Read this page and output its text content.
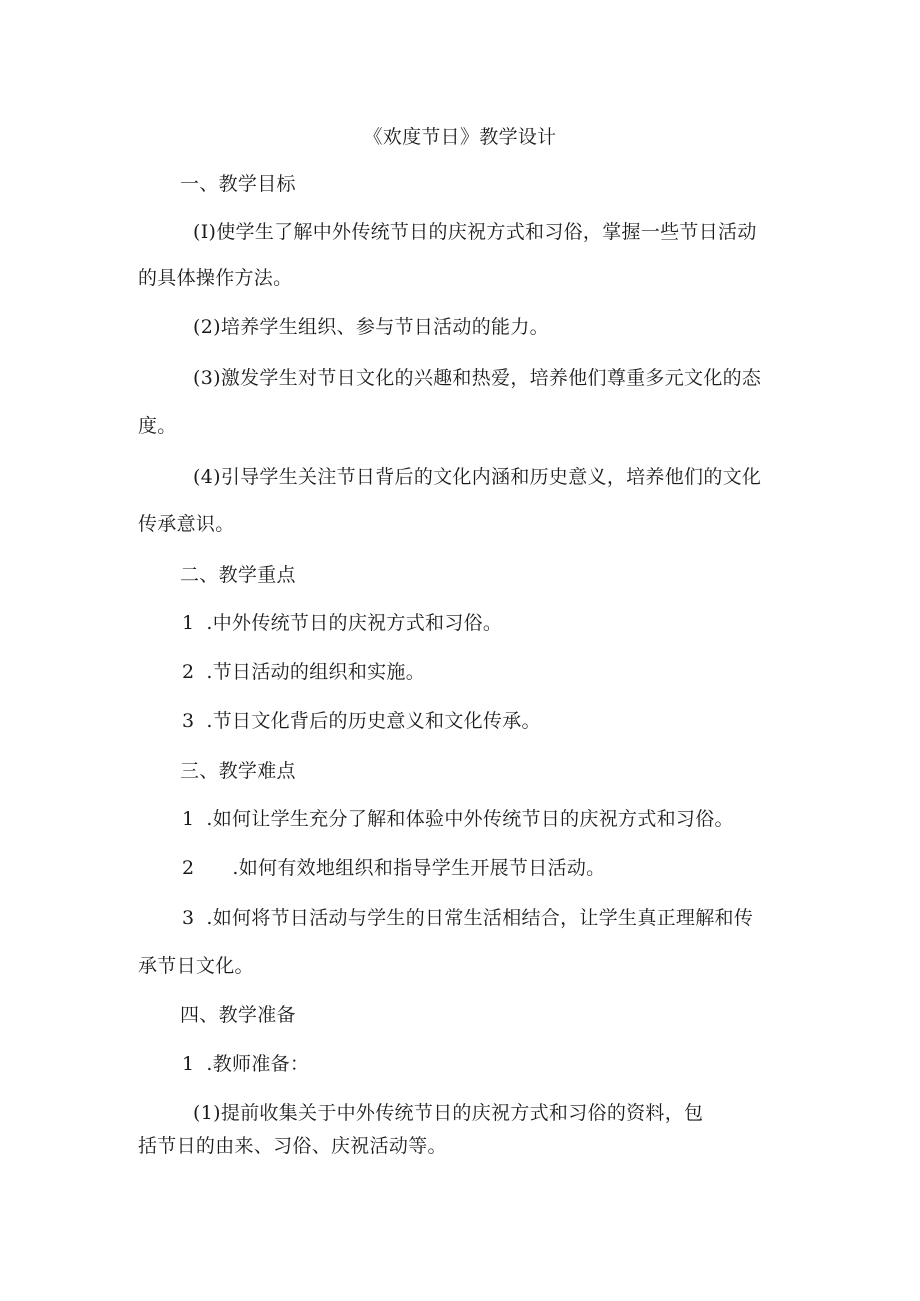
《欢度节日》教学设计
一、教学目标
(I)使学生了解中外传统节日的庆祝方式和习俗，掌握一些节日活动
的具体操作方法。
(2)培养学生组织、参与节日活动的能力。
(3)激发学生对节日文化的兴趣和热爱，培养他们尊重多元文化的态
度。
(4)引导学生关注节日背后的文化内涵和历史意义，培养他们的文化
传承意识。
二、教学重点
1 .中外传统节日的庆祝方式和习俗。
2 .节日活动的组织和实施。
3 .节日文化背后的历史意义和文化传承。
三、教学难点
1 .如何让学生充分了解和体验中外传统节日的庆祝方式和习俗。
2 .如何有效地组织和指导学生开展节日活动。
3 .如何将节日活动与学生的日常生活相结合，让学生真正理解和传
承节日文化。
四、教学准备
1 .教师准备：
(1)提前收集关于中外传统节日的庆祝方式和习俗的资料，包
括节日的由来、习俗、庆祝活动等。
